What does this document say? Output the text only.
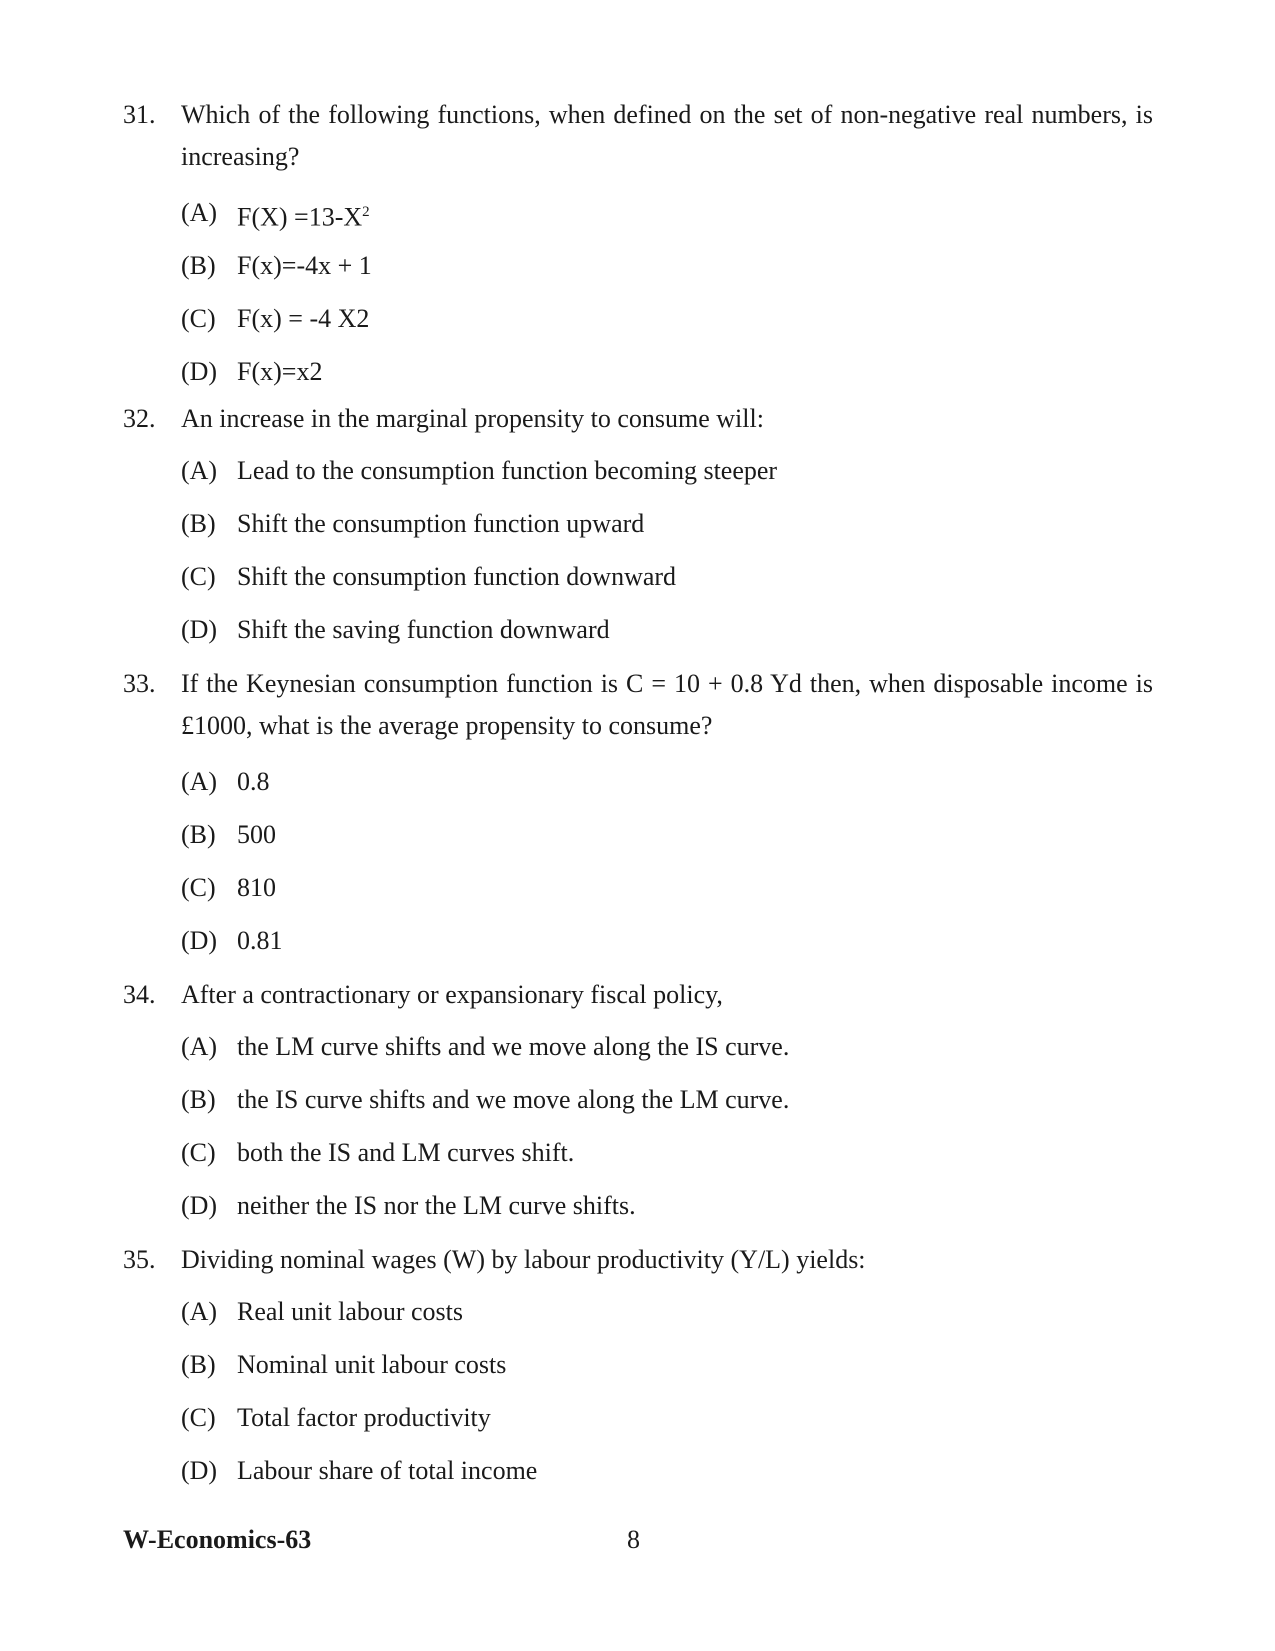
31. Which of the following functions, when defined on the set of non-negative real numbers, is increasing?
(A) $F(X) =13-X^2$
(B) F(x)=-4x + 1
(C) F(x) = -4 X2
(D) F(x)=x2
32. An increase in the marginal propensity to consume will:
(A) Lead to the consumption function becoming steeper
(B) Shift the consumption function upward
(C) Shift the consumption function downward
(D) Shift the saving function downward
33. If the Keynesian consumption function is C = 10 + 0.8 Yd then, when disposable income is £1000, what is the average propensity to consume?
(A) 0.8
(B) 500
(C) 810
(D) 0.81
34. After a contractionary or expansionary fiscal policy,
(A) the LM curve shifts and we move along the IS curve.
(B) the IS curve shifts and we move along the LM curve.
(C) both the IS and LM curves shift.
(D) neither the IS nor the LM curve shifts.
35. Dividing nominal wages (W) by labour productivity (Y/L) yields:
(A) Real unit labour costs
(B) Nominal unit labour costs
(C) Total factor productivity
(D) Labour share of total income
W-Economics-63	8
